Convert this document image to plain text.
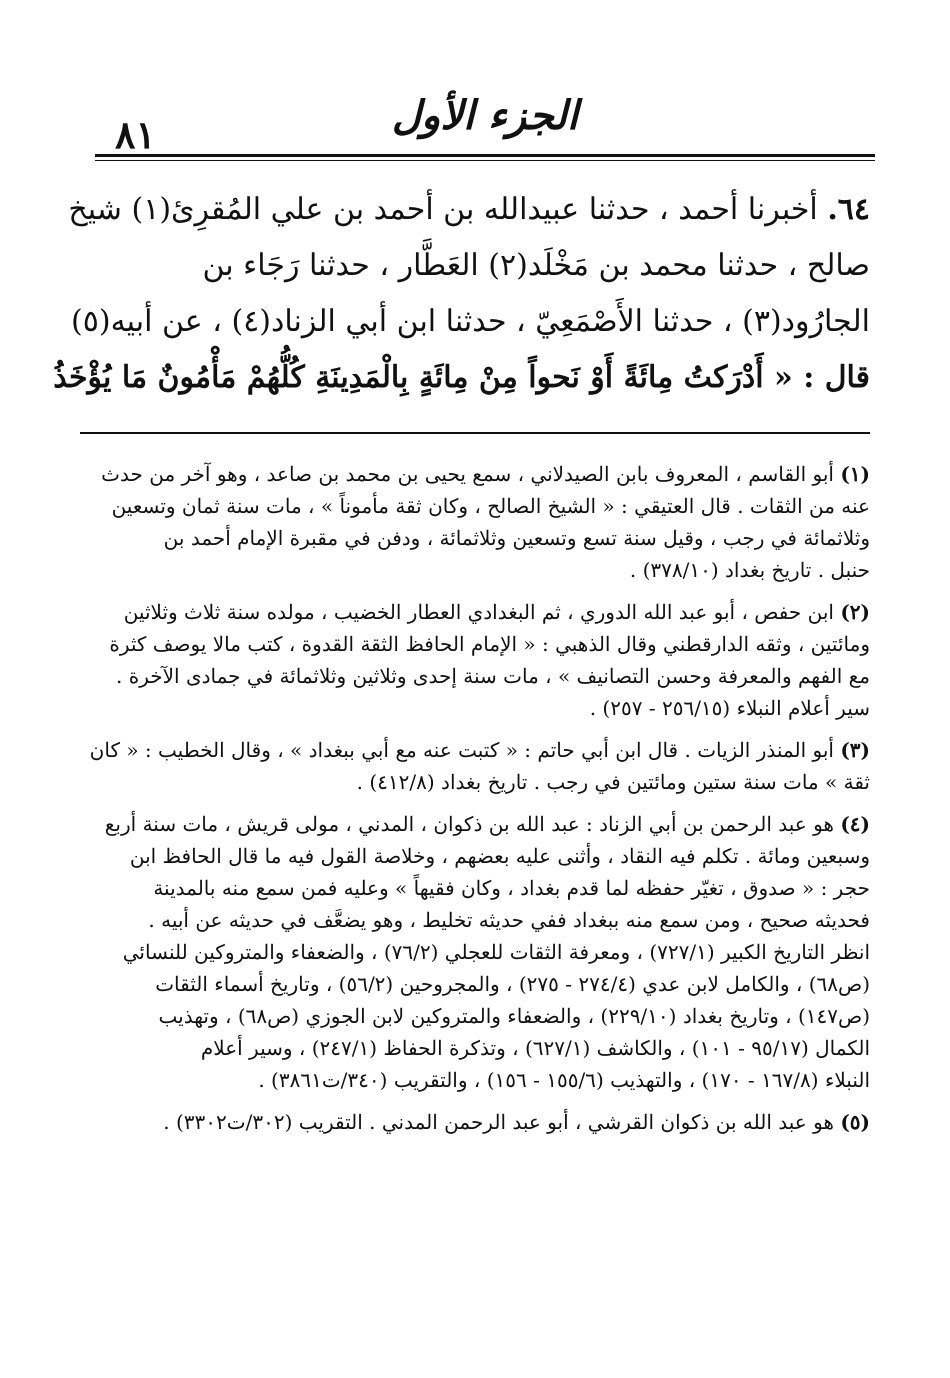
٨١	الجزء الأول
٦٤. أخبرنا أحمد ، حدثنا عبيدالله بن أحمد بن علي المُقرِئ(١) شيخ
صالح ، حدثنا محمد بن مَخْلَد(٢) العَطَّار ، حدثنا رَجَاء بن
الجارُود(٣) ، حدثنا الأَصْمَعِيّ ، حدثنا ابن أبي الزناد(٤) ، عن أبيه(٥)
قال : « أَدْرَكتُ مِائَةً أَوْ نَحواً مِنْ مِائَةٍ بِالْمَدِينَةِ كُلُّهُمْ مَأْمُونٌ مَا يُؤْخَذُ
(١) أبو القاسم ، المعروف بابن الصيدلاني ، سمع يحيى بن محمد بن صاعد ، وهو آخر من حدث
عنه من الثقات . قال العتيقي : « الشيخ الصالح ، وكان ثقة مأموناً » ، مات سنة ثمان وتسعين
وثلاثمائة في رجب ، وقيل سنة تسع وتسعين وثلاثمائة ، ودفن في مقبرة الإمام أحمد بن
حنبل . تاريخ بغداد (٣٧٨/١٠) .
(٢) ابن حفص ، أبو عبد الله الدوري ، ثم البغدادي العطار الخضيب ، مولده سنة ثلاث وثلاثين
ومائتين ، وثقه الدارقطني وقال الذهبي : « الإمام الحافظ الثقة القدوة ، كتب مالا يوصف كثرة
مع الفهم والمعرفة وحسن التصانيف » ، مات سنة إحدى وثلاثين وثلاثمائة في جمادى الآخرة .
سير أعلام النبلاء (٢٥٦/١٥ - ٢٥٧) .
(٣) أبو المنذر الزيات . قال ابن أبي حاتم : « كتبت عنه مع أبي ببغداد » ، وقال الخطيب : « كان
ثقة » مات سنة ستين ومائتين في رجب . تاريخ بغداد (٤١٢/٨) .
(٤) هو عبد الرحمن بن أبي الزناد : عبد الله بن ذكوان ، المدني ، مولى قريش ، مات سنة أربع
وسبعين ومائة . تكلم فيه النقاد ، وأثنى عليه بعضهم ، وخلاصة القول فيه ما قال الحافظ ابن
حجر : « صدوق ، تغيّر حفظه لما قدم بغداد ، وكان فقيهاً » وعليه فمن سمع منه بالمدينة
فحديثه صحيح ، ومن سمع منه ببغداد ففي حديثه تخليط ، وهو يضعَّف في حديثه عن أبيه .
انظر التاريخ الكبير (٧٢٧/١) ، ومعرفة الثقات للعجلي (٧٦/٢) ، والضعفاء والمتروكين للنسائي
(ص٦٨) ، والكامل لابن عدي (٢٧٤/٤ - ٢٧٥) ، والمجروحين (٥٦/٢) ، وتاريخ أسماء الثقات
(ص١٤٧) ، وتاريخ بغداد (٢٢٩/١٠) ، والضعفاء والمتروكين لابن الجوزي (ص٦٨) ، وتهذيب
الكمال (٩٥/١٧ - ١٠١) ، والكاشف (٦٢٧/١) ، وتذكرة الحفاظ (٢٤٧/١) ، وسير أعلام
النبلاء (١٦٧/٨ - ١٧٠) ، والتهذيب (١٥٥/٦ - ١٥٦) ، والتقريب (٣٤٠/ت٣٨٦١) .
(٥) هو عبد الله بن ذكوان القرشي ، أبو عبد الرحمن المدني . التقريب (٣٠٢/ت٣٣٠٢) .
